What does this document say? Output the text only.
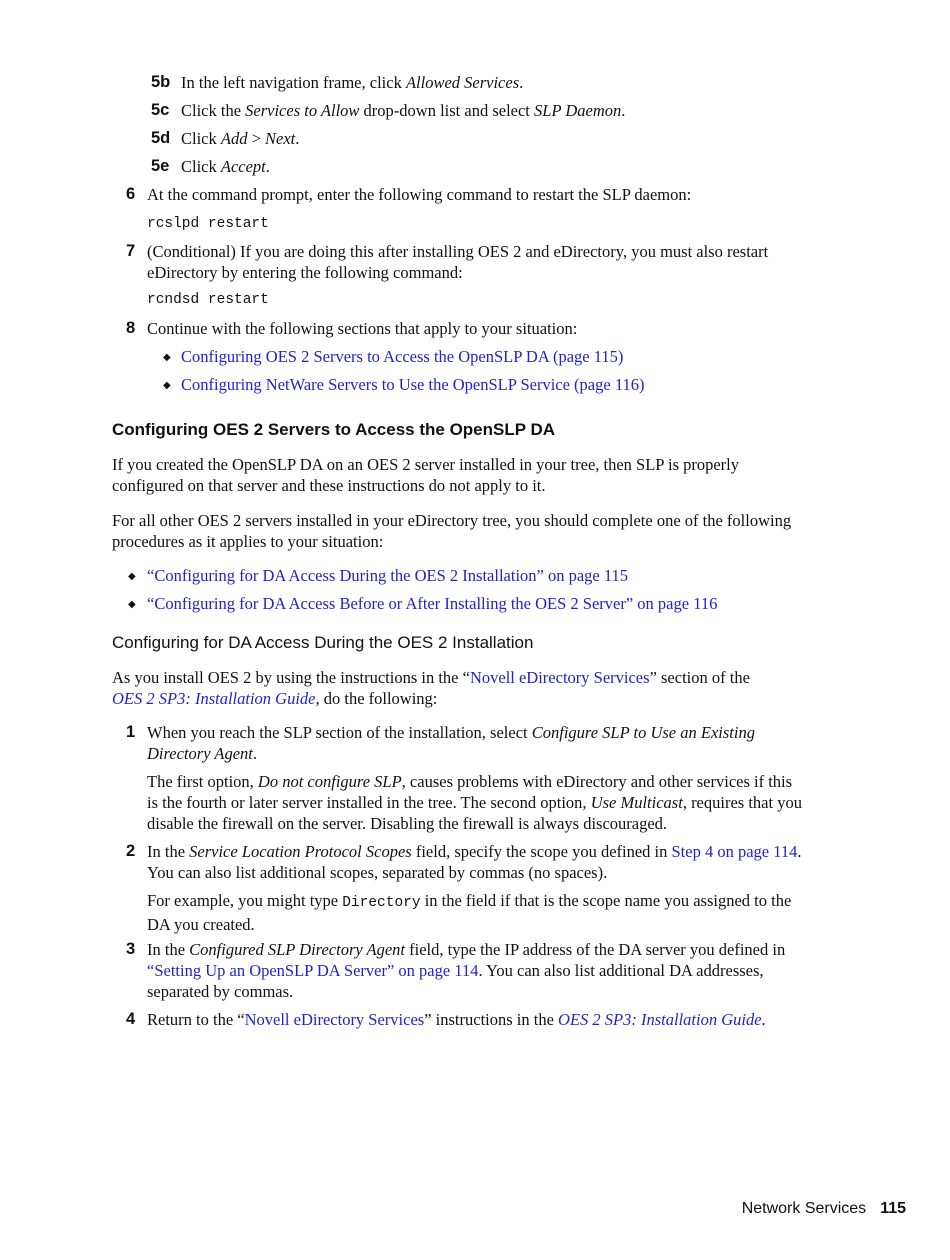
5b In the left navigation frame, click Allowed Services.
5c Click the Services to Allow drop-down list and select SLP Daemon.
5d Click Add > Next.
5e Click Accept.
6 At the command prompt, enter the following command to restart the SLP daemon:
rcslpd restart
7 (Conditional) If you are doing this after installing OES 2 and eDirectory, you must also restart eDirectory by entering the following command:
rcndsd restart
8 Continue with the following sections that apply to your situation:
◆ Configuring OES 2 Servers to Access the OpenSLP DA (page 115)
◆ Configuring NetWare Servers to Use the OpenSLP Service (page 116)
Configuring OES 2 Servers to Access the OpenSLP DA
If you created the OpenSLP DA on an OES 2 server installed in your tree, then SLP is properly configured on that server and these instructions do not apply to it.
For all other OES 2 servers installed in your eDirectory tree, you should complete one of the following procedures as it applies to your situation:
◆ “Configuring for DA Access During the OES 2 Installation” on page 115
◆ “Configuring for DA Access Before or After Installing the OES 2 Server” on page 116
Configuring for DA Access During the OES 2 Installation
As you install OES 2 by using the instructions in the “Novell eDirectory Services” section of the
OES 2 SP3: Installation Guide, do the following:
1 When you reach the SLP section of the installation, select Configure SLP to Use an Existing Directory Agent.
The first option, Do not configure SLP, causes problems with eDirectory and other services if this is the fourth or later server installed in the tree. The second option, Use Multicast, requires that you disable the firewall on the server. Disabling the firewall is always discouraged.
2 In the Service Location Protocol Scopes field, specify the scope you defined in Step 4 on page 114. You can also list additional scopes, separated by commas (no spaces).
For example, you might type Directory in the field if that is the scope name you assigned to the DA you created.
3 In the Configured SLP Directory Agent field, type the IP address of the DA server you defined in “Setting Up an OpenSLP DA Server” on page 114. You can also list additional DA addresses, separated by commas.
4 Return to the “Novell eDirectory Services” instructions in the OES 2 SP3: Installation Guide.
Network Services 115
